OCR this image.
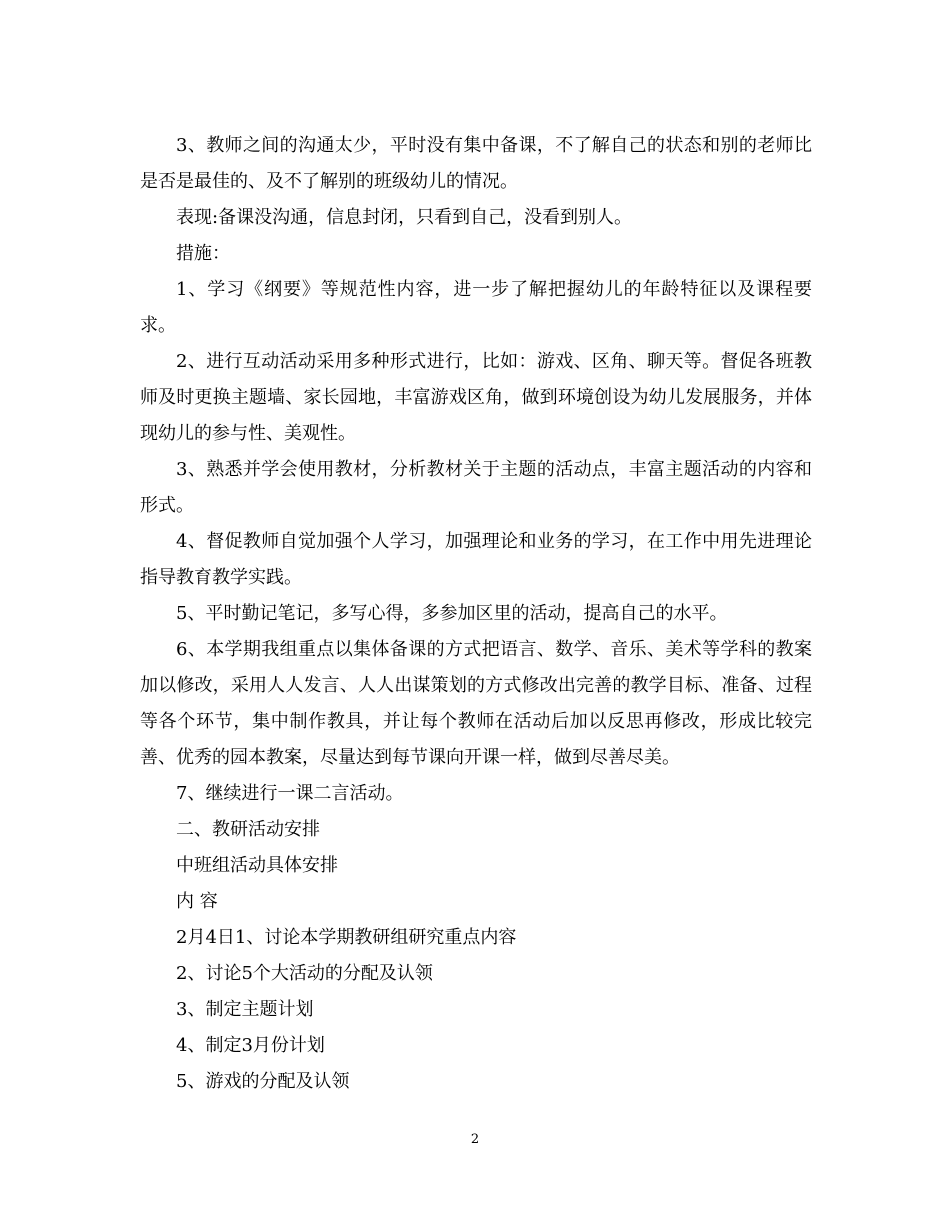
3、教师之间的沟通太少，平时没有集中备课，不了解自己的状态和别的老师比是否是最佳的、及不了解别的班级幼儿的情况。

表现:备课没沟通，信息封闭，只看到自己，没看到别人。

措施：

1、学习《纲要》等规范性内容，进一步了解把握幼儿的年龄特征以及课程要求。

2、进行互动活动采用多种形式进行，比如：游戏、区角、聊天等。督促各班教师及时更换主题墙、家长园地，丰富游戏区角，做到环境创设为幼儿发展服务，并体现幼儿的参与性、美观性。

3、熟悉并学会使用教材，分析教材关于主题的活动点，丰富主题活动的内容和形式。

4、督促教师自觉加强个人学习，加强理论和业务的学习，在工作中用先进理论指导教育教学实践。

5、平时勤记笔记，多写心得，多参加区里的活动，提高自己的水平。

6、本学期我组重点以集体备课的方式把语言、数学、音乐、美术等学科的教案加以修改，采用人人发言、人人出谋策划的方式修改出完善的教学目标、准备、过程等各个环节，集中制作教具，并让每个教师在活动后加以反思再修改，形成比较完善、优秀的园本教案，尽量达到每节课向开课一样，做到尽善尽美。

7、继续进行一课二言活动。

二、教研活动安排

中班组活动具体安排

内 容

2月4日1、讨论本学期教研组研究重点内容

2、讨论5个大活动的分配及认领

3、制定主题计划

4、制定3月份计划

5、游戏的分配及认领

2
